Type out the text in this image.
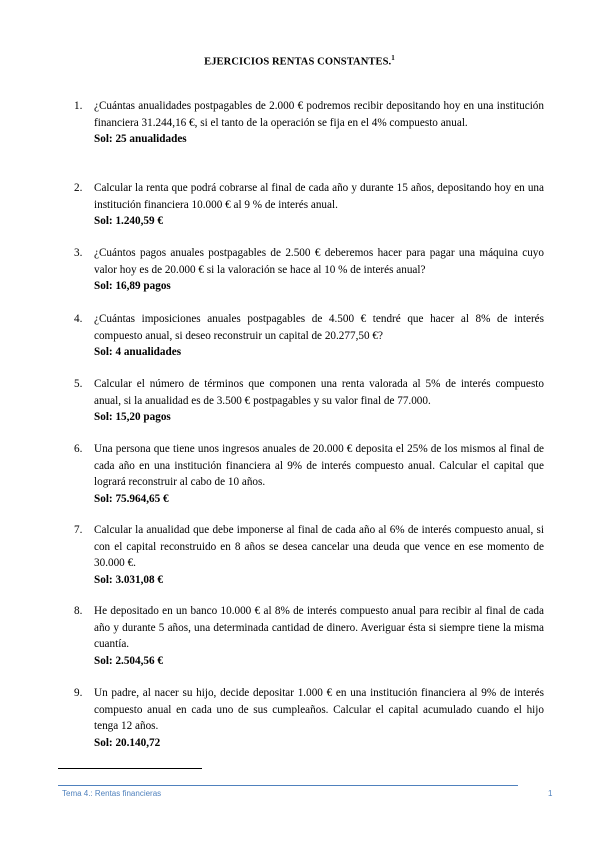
EJERCICIOS RENTAS CONSTANTES.$^1$
1.	¿Cuántas anualidades postpagables de 2.000 € podremos recibir depositando hoy en una institución financiera 31.244,16 €, si el tanto de la operación se fija en el 4% compuesto anual.
Sol: 25 anualidades
2.	Calcular la renta que podrá cobrarse al final de cada año y durante 15 años, depositando hoy en una institución financiera 10.000 € al 9 % de interés anual.
Sol: 1.240,59 €
3.	¿Cuántos pagos anuales postpagables de 2.500 € deberemos hacer para pagar una máquina cuyo valor hoy es de 20.000 € si la valoración se hace al 10 % de interés anual?
Sol: 16,89 pagos
4.	¿Cuántas imposiciones anuales postpagables de 4.500 € tendré que hacer al 8% de interés compuesto anual, si deseo reconstruir un capital de 20.277,50 €?
Sol: 4 anualidades
5.	Calcular el número de términos que componen una renta valorada al 5% de interés compuesto anual, si la anualidad es de 3.500 € postpagables y su valor final de 77.000.
Sol: 15,20 pagos
6.	Una persona que tiene unos ingresos anuales de 20.000 € deposita el 25% de los mismos al final de cada año en una institución financiera al 9% de interés compuesto anual. Calcular el capital que logrará reconstruir al cabo de 10 años.
Sol: 75.964,65 €
7.	Calcular la anualidad que debe imponerse al final de cada año al 6% de interés compuesto anual, si con el capital reconstruido en 8 años se desea cancelar una deuda que vence en ese momento de 30.000 €.
Sol: 3.031,08 €
8.	He depositado en un banco 10.000 € al 8% de interés compuesto anual para recibir al final de cada año y durante 5 años, una determinada cantidad de dinero. Averiguar ésta si siempre tiene la misma cuantía.
Sol: 2.504,56 €
9.	Un padre, al nacer su hijo, decide depositar 1.000 € en una institución financiera al 9% de interés compuesto anual en cada uno de sus cumpleaños. Calcular el capital acumulado cuando el hijo tenga 12 años.
Sol: 20.140,72
Tema 4.: Rentas financieras	1
